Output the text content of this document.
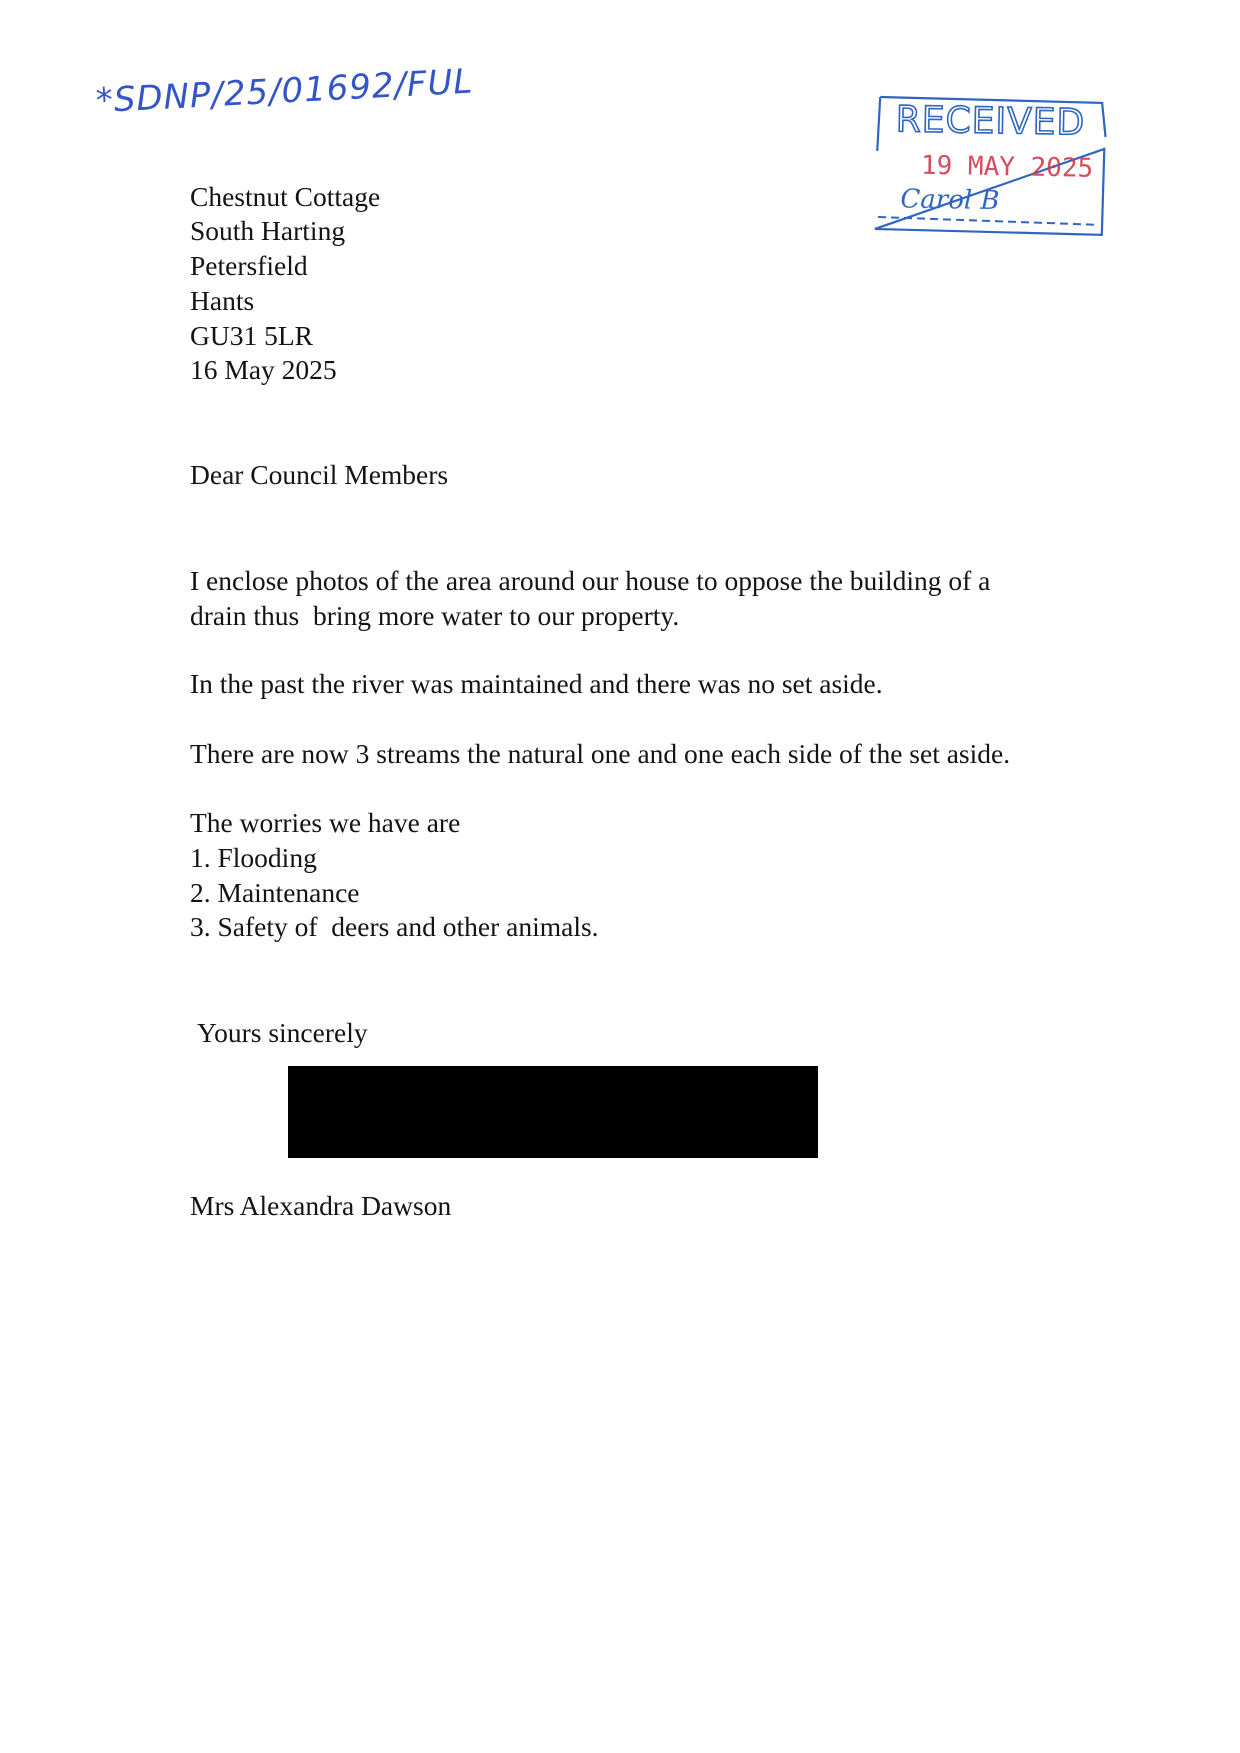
*SDNP/25/01692/FUL
RECEIVED
19 MAY 2025
Carol B
Chestnut Cottage
South Harting
Petersfield
Hants
GU31 5LR
16 May 2025
Dear Council Members
I enclose photos of the area around our house to oppose the building of a
drain thus  bring more water to our property.
In the past the river was maintained and there was no set aside.
There are now 3 streams the natural one and one each side of the set aside.
The worries we have are
1. Flooding
2. Maintenance
3. Safety of  deers and other animals.
Yours sincerely
Mrs Alexandra Dawson
